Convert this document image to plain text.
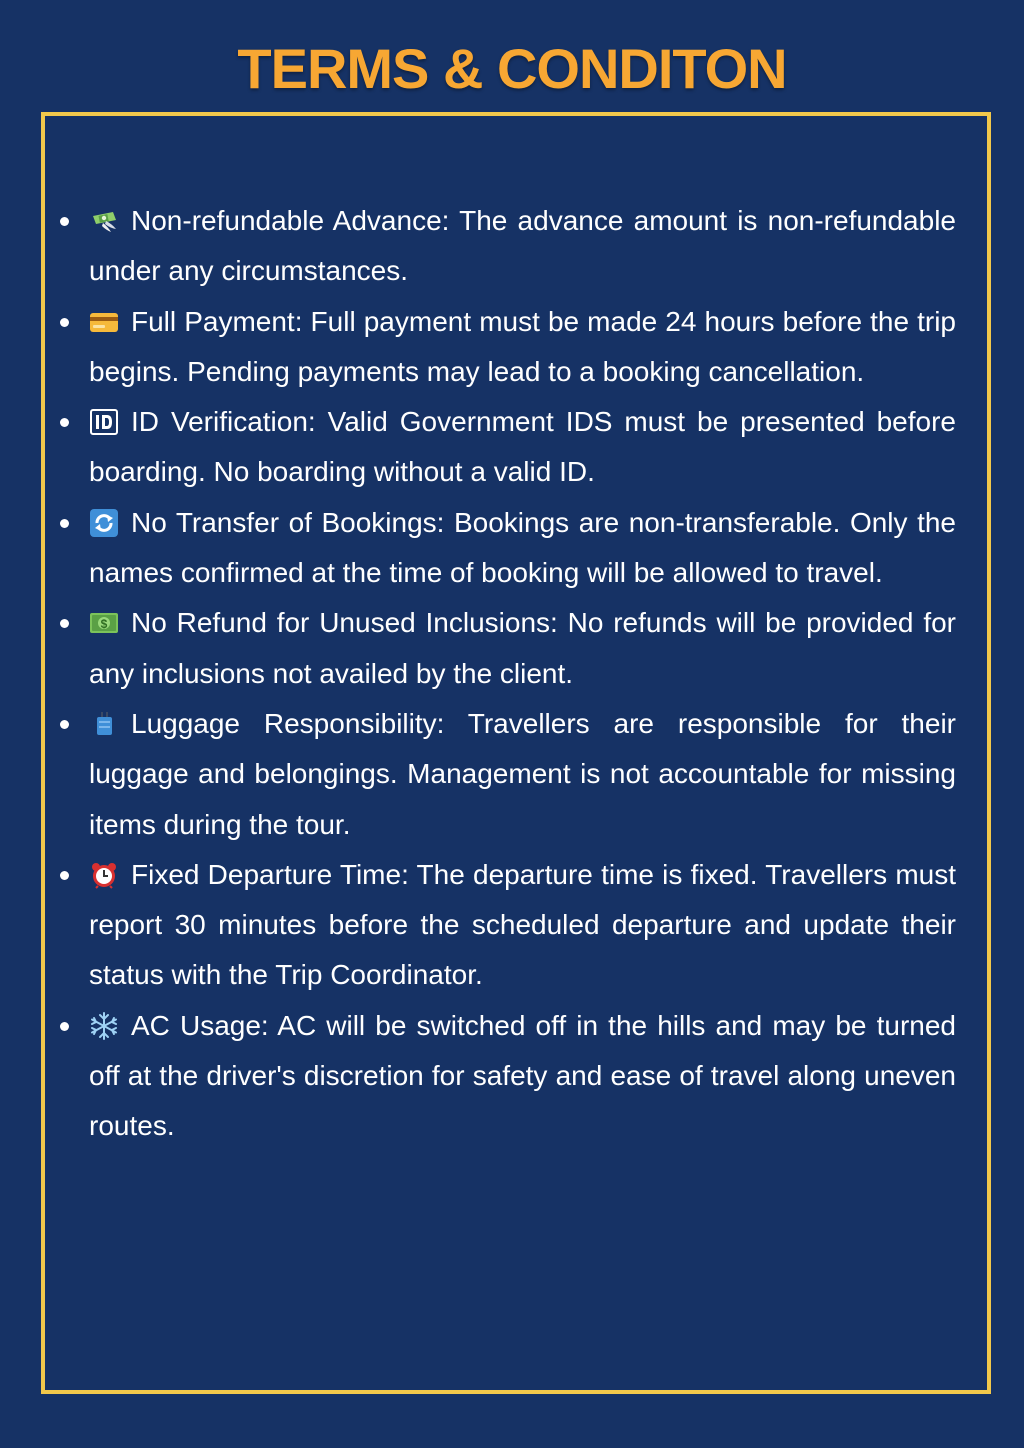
TERMS & CONDITON
Non-refundable Advance: The advance amount is non-refundable under any circumstances.
Full Payment: Full payment must be made 24 hours before the trip begins. Pending payments may lead to a booking cancellation.
ID Verification: Valid Government IDS must be presented before boarding. No boarding without a valid ID.
No Transfer of Bookings: Bookings are non-transferable. Only the names confirmed at the time of booking will be allowed to travel.
$ No Refund for Unused Inclusions: No refunds will be provided for any inclusions not availed by the client.
Luggage Responsibility: Travellers are responsible for their luggage and belongings. Management is not accountable for missing items during the tour.
Fixed Departure Time: The departure time is fixed. Travellers must report 30 minutes before the scheduled departure and update their status with the Trip Coordinator.
AC Usage: AC will be switched off in the hills and may be turned off at the driver's discretion for safety and ease of travel along uneven routes.
